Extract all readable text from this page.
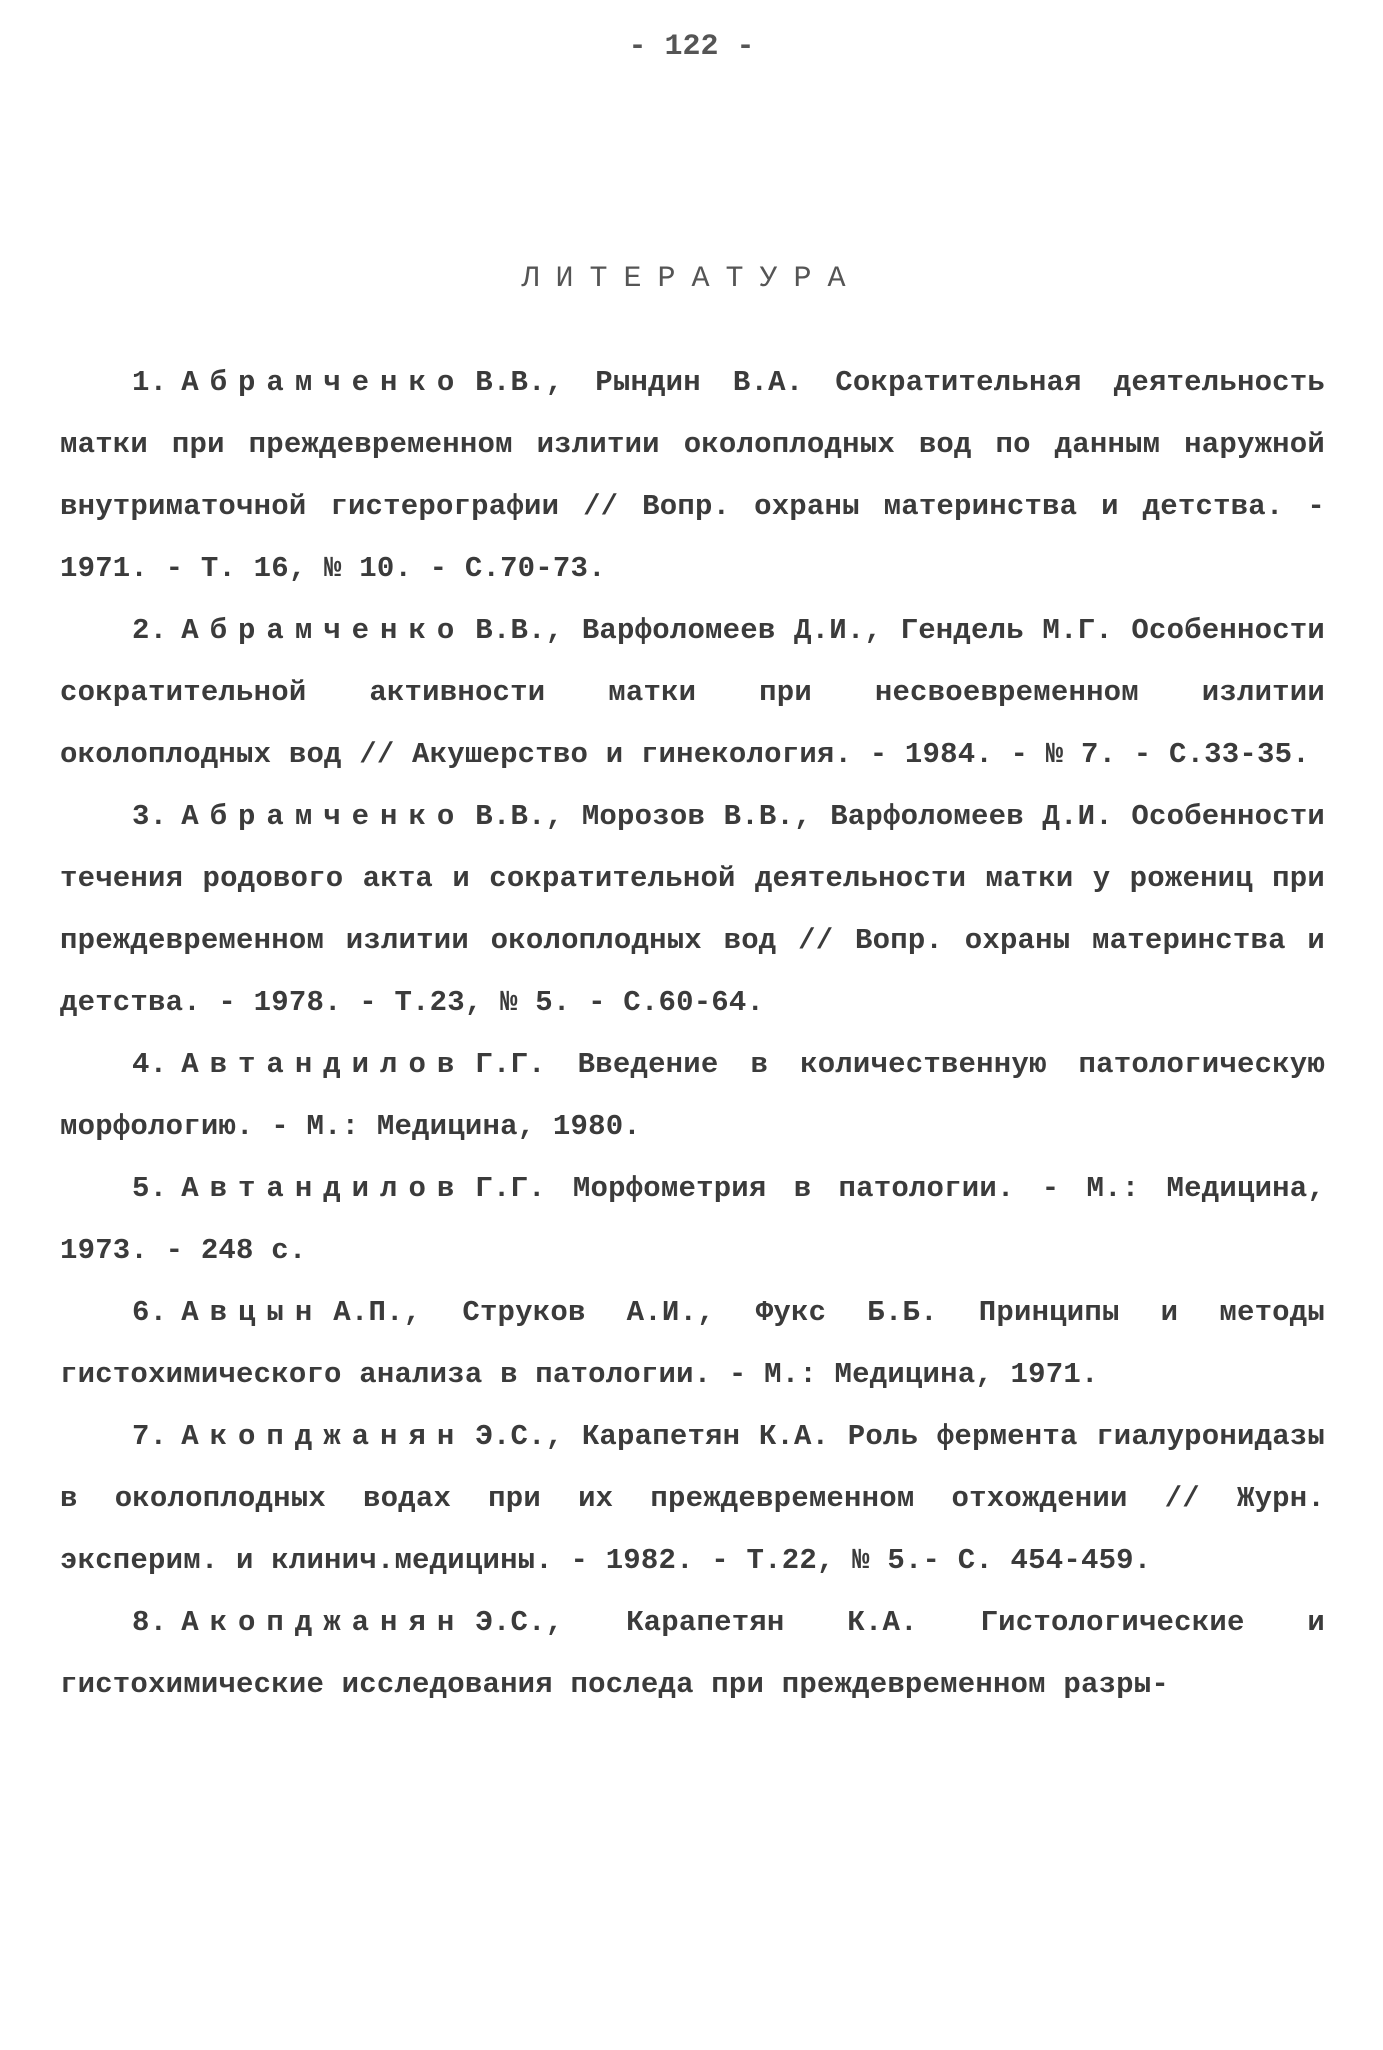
- 122 -
ЛИТЕРАТУРА

1. Абрамченко В.В., Рындин В.А. Сократительная деятельность матки при преждевременном излитии околоплодных вод по данным наружной внутриматочной гистерографии // Вопр. охраны материнства и детства. - 1971. - Т. 16, № 10. - С.70-73.

2. Абрамченко В.В., Варфоломеев Д.И., Гендель М.Г. Особенности сократительной активности матки при несвоевременном излитии околоплодных вод // Акушерство и гинекология. - 1984. - № 7. - С.33-35.

3. Абрамченко В.В., Морозов В.В., Варфоломеев Д.И. Особенности течения родового акта и сократительной деятельности матки у рожениц при преждевременном излитии околоплодных вод // Вопр. охраны материнства и детства. - 1978. - Т.23, № 5. - С.60-64.

4. Автандилов Г.Г. Введение в количественную патологическую морфологию. - М.: Медицина, 1980.

5. Автандилов Г.Г. Морфометрия в патологии. - М.: Медицина, 1973. - 248 с.

6. Авцын А.П., Струков А.И., Фукс Б.Б. Принципы и методы гистохимического анализа в патологии. - М.: Медицина, 1971.

7. Акопджанян Э.С., Карапетян К.А. Роль фермента гиалуронидазы в околоплодных водах при их преждевременном отхождении // Журн. эксперим. и клинич.медицины. - 1982. - Т.22, № 5.- С. 454-459.

8. Акопджанян Э.С., Карапетян К.А. Гистологические и гистохимические исследования последа при преждевременном разры-
